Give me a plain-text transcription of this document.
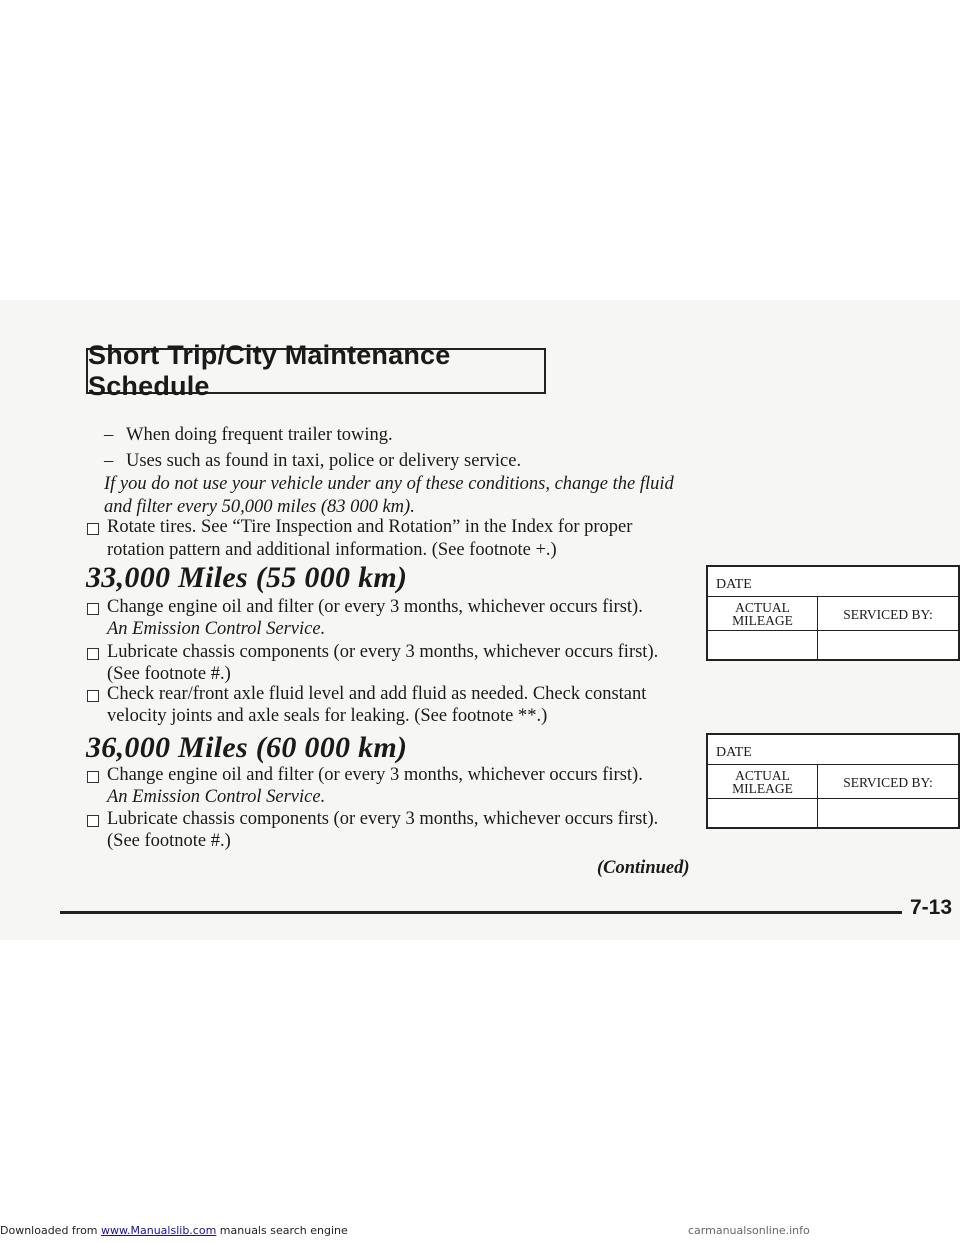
Short Trip/City Maintenance Schedule
– When doing frequent trailer towing.
– Uses such as found in taxi, police or delivery service.
If you do not use your vehicle under any of these conditions, change the fluid
and filter every 50,000 miles (83 000 km).
Rotate tires. See “Tire Inspection and Rotation” in the Index for proper
rotation pattern and additional information. (See footnote +.)
33,000 Miles (55 000 km)
Change engine oil and filter (or every 3 months, whichever occurs first).
An Emission Control Service.
Lubricate chassis components (or every 3 months, whichever occurs first).
(See footnote #.)
Check rear/front axle fluid level and add fluid as needed. Check constant
velocity joints and axle seals for leaking. (See footnote **.)
36,000 Miles (60 000 km)
Change engine oil and filter (or every 3 months, whichever occurs first).
An Emission Control Service.
Lubricate chassis components (or every 3 months, whichever occurs first).
(See footnote #.)
DATE
ACTUAL
MILEAGE	SERVICED BY:
DATE
ACTUAL
MILEAGE	SERVICED BY:
(Continued)
7-13
Downloaded from www.Manualslib.com manuals search engine	carmanualsonline.info
